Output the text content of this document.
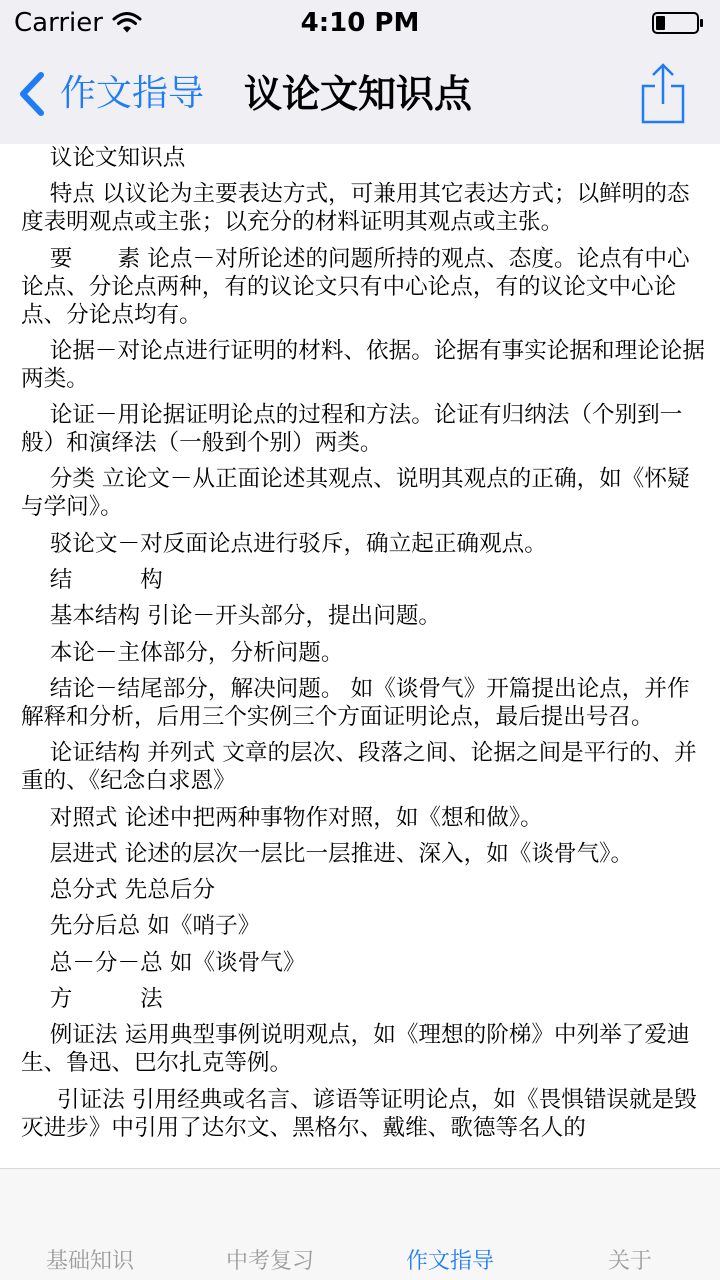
Carrier	4:10 PM
作文指导 议论文知识点

议论文知识点

特点 以议论为主要表达方式，可兼用其它表达方式；以鲜明的态度表明观点或主张；以充分的材料证明其观点或主张。

要　　素 论点－对所论述的问题所持的观点、态度。论点有中心论点、分论点两种，有的议论文只有中心论点，有的议论文中心论点、分论点均有。

论据－对论点进行证明的材料、依据。论据有事实论据和理论论据两类。

论证－用论据证明论点的过程和方法。论证有归纳法（个别到一般）和演绎法（一般到个别）两类。

分类 立论文－从正面论述其观点、说明其观点的正确，如《怀疑与学问》。

驳论文－对反面论点进行驳斥，确立起正确观点。

结　　　构

基本结构 引论－开头部分，提出问题。

本论－主体部分，分析问题。

结论－结尾部分，解决问题。 如《谈骨气》开篇提出论点，并作解释和分析，后用三个实例三个方面证明论点，最后提出号召。

论证结构 并列式 文章的层次、段落之间、论据之间是平行的、并重的、《纪念白求恩》

对照式 论述中把两种事物作对照，如《想和做》。

层进式 论述的层次一层比一层推进、深入，如《谈骨气》。

总分式 先总后分

先分后总 如《哨子》

总－分－总 如《谈骨气》

方　　　法

例证法 运用典型事例说明观点，如《理想的阶梯》中列举了爱迪生、鲁迅、巴尔扎克等例。

引证法 引用经典或名言、谚语等证明论点，如《畏惧错误就是毁灭进步》中引用了达尔文、黑格尔、戴维、歌德等名人的

基础知识	中考复习	作文指导	关于
